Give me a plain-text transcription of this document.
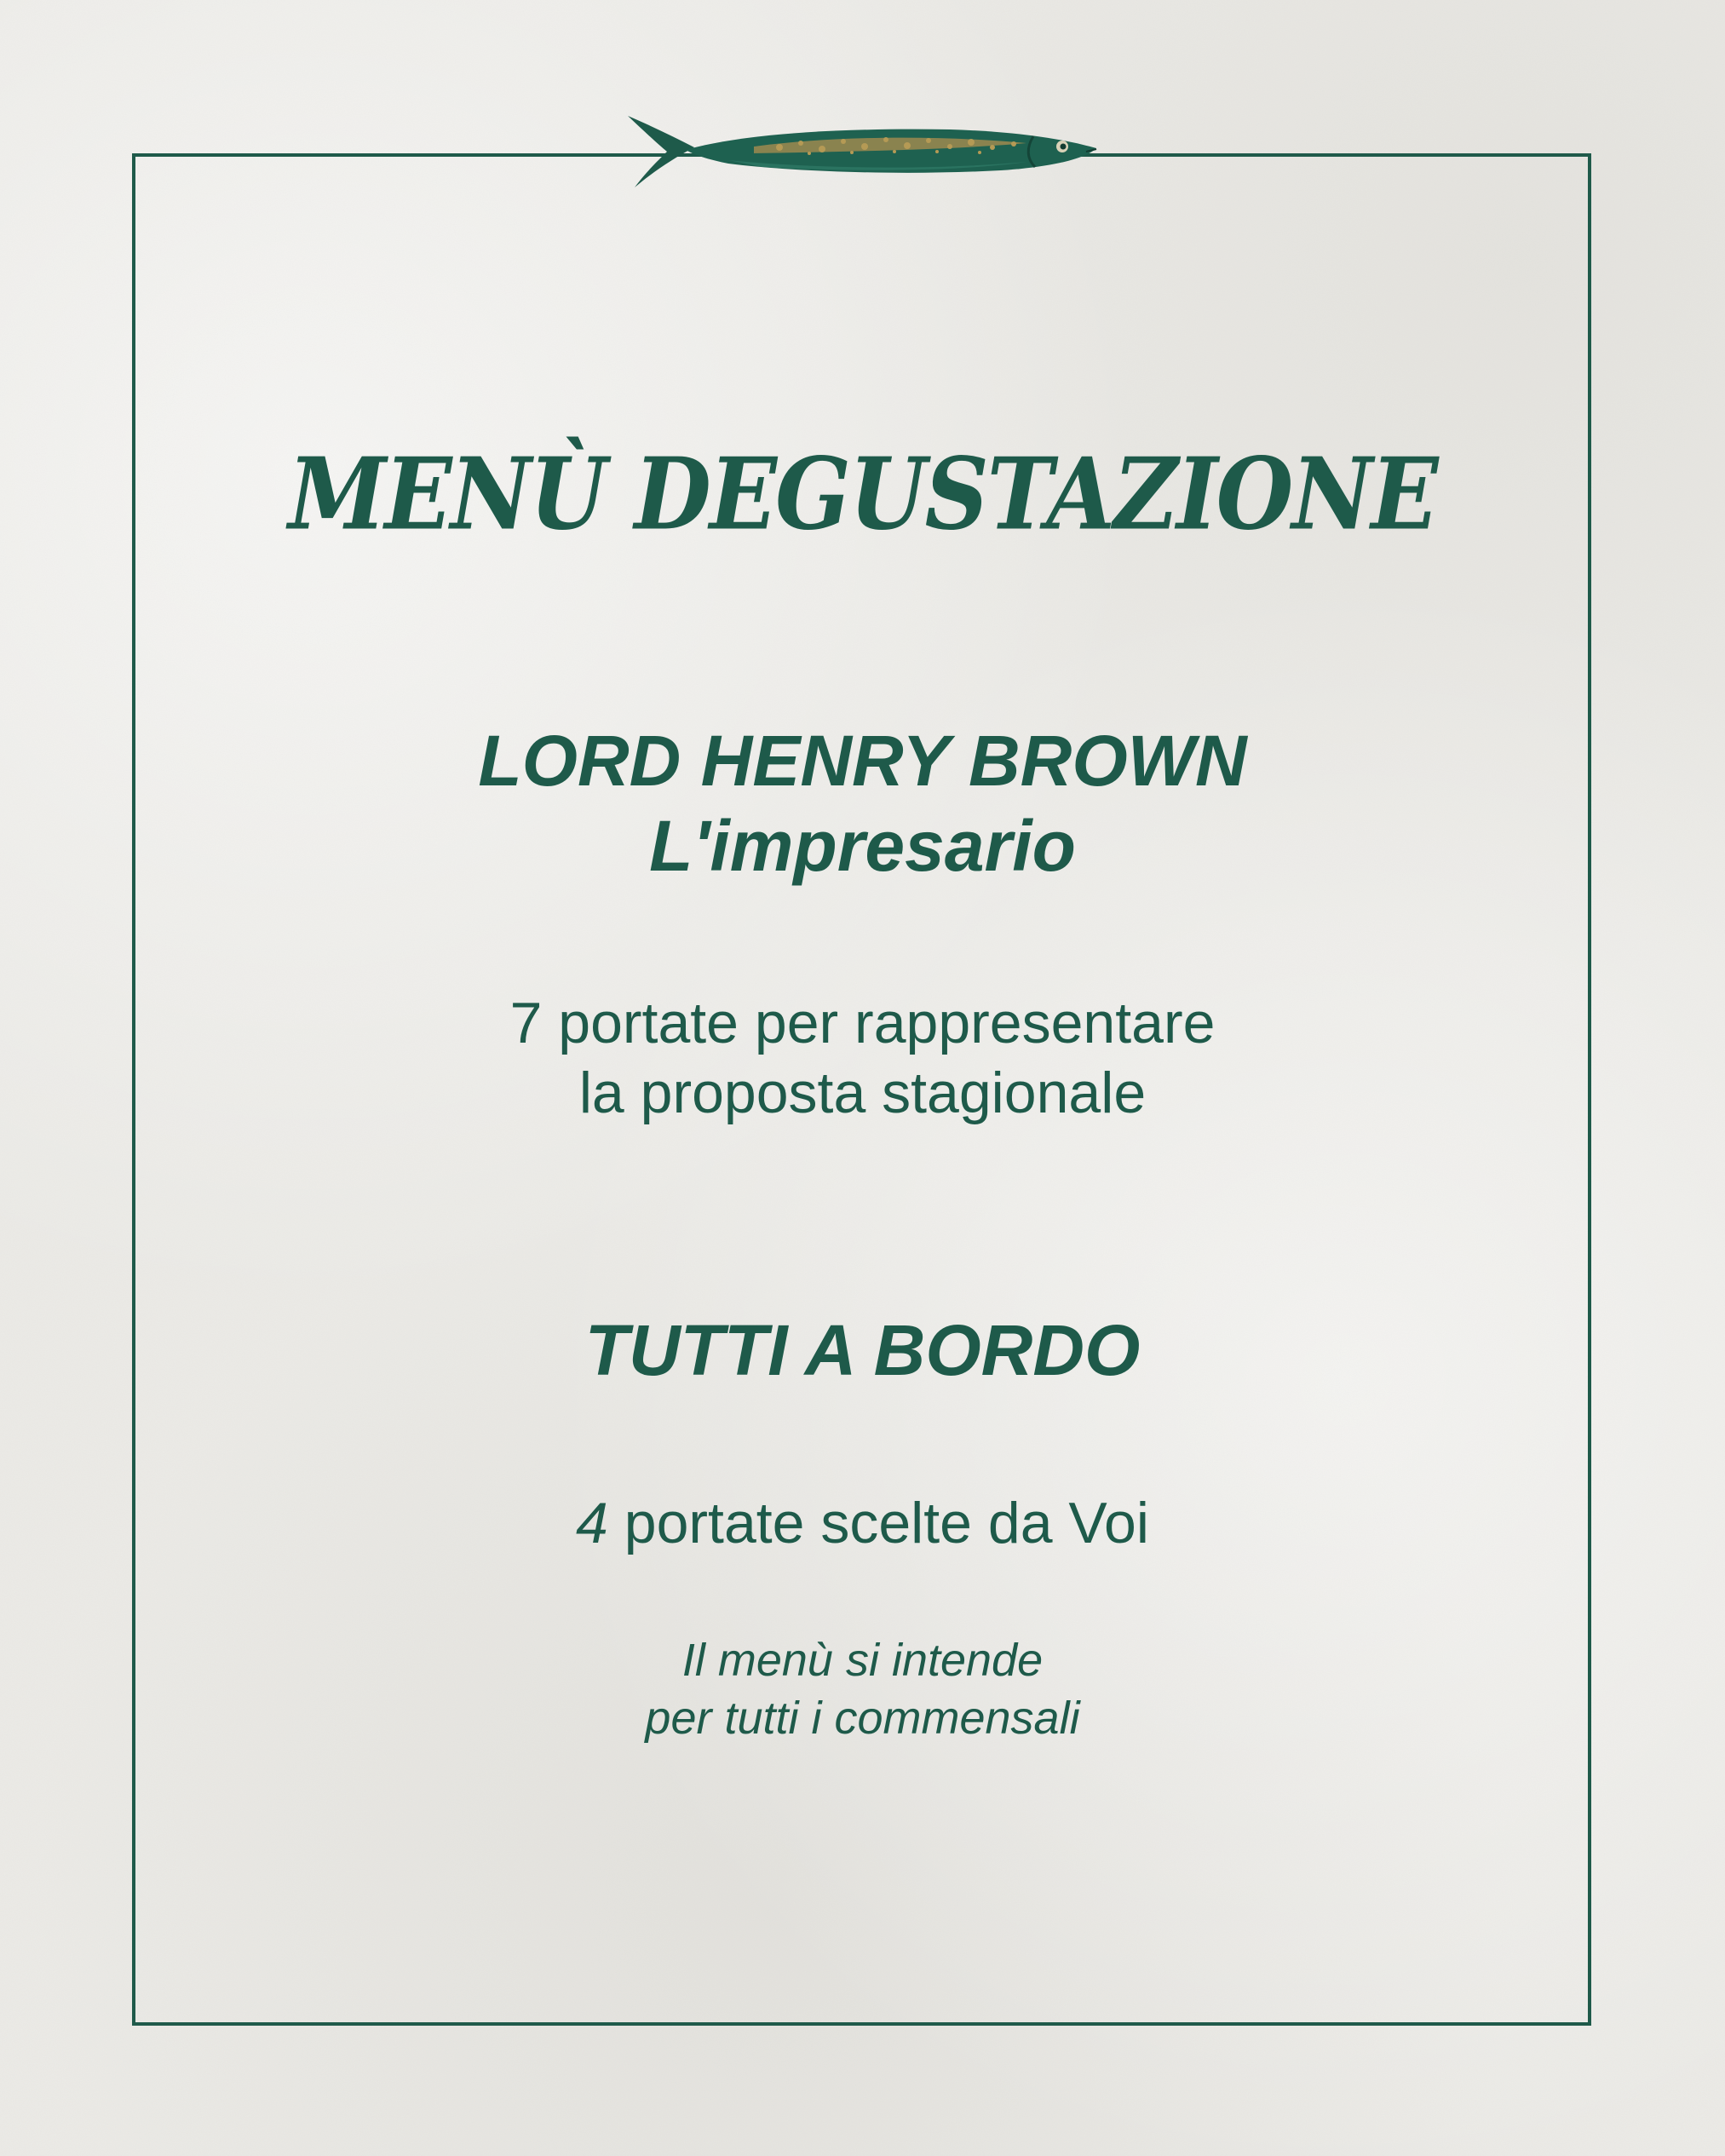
MENÙ DEGUSTAZIONE
LORD HENRY BROWN
L'impresario
7 portate per rappresentare
la proposta stagionale
TUTTI A BORDO
4 portate scelte da Voi
Il menù si intende
per tutti i commensali
